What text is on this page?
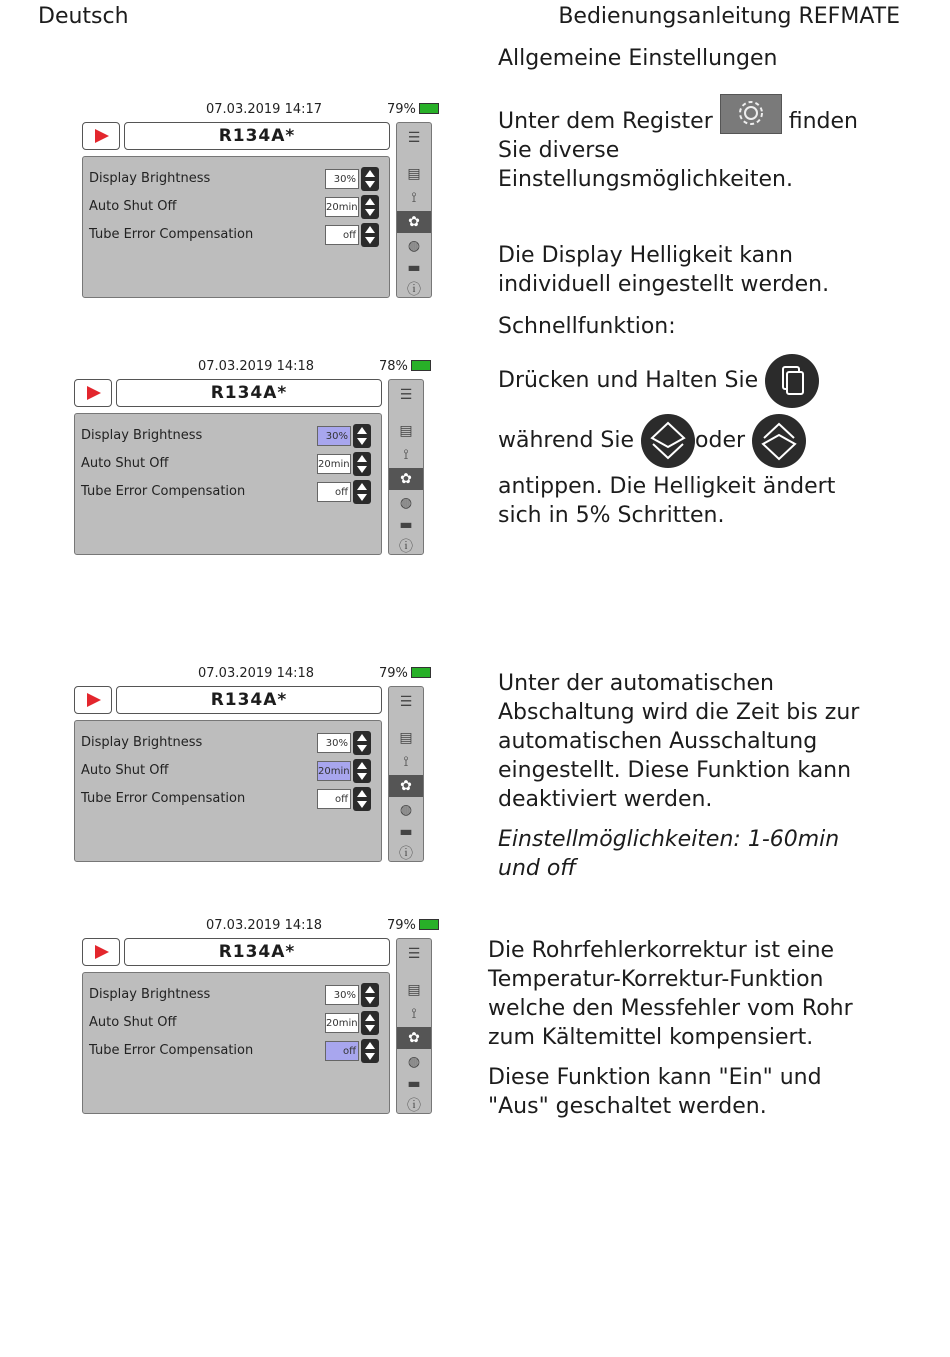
Deutsch	Bedienungsanleitung REFMATE
Allgemeine Einstellungen
Unter dem Register	finden
Sie diverse
Einstellungsmöglichkeiten.
Die Display Helligkeit kann
individuell eingestellt werden.
Schnellfunktion:
Drücken und Halten Sie
während Sie	oder
antippen. Die Helligkeit ändert
sich in 5% Schritten.
Unter der automatischen
Abschaltung wird die Zeit bis zur
automatischen Ausschaltung
eingestellt. Diese Funktion kann
deaktiviert werden.
Einstellmöglichkeiten: 1-60min
und off
Die Rohrfehlerkorrektur ist eine
Temperatur-Korrektur-Funktion
welche den Messfehler vom Rohr
zum Kältemittel kompensiert.
Diese Funktion kann "Ein" und
"Aus" geschaltet werden.
07.03.2019 14:17	79%
R134A*
Display Brightness	30%
Auto Shut Off	20min
Tube Error Compensation	off
☰
▤
⟟
✿
◍
▬
ⓘ
07.03.2019 14:18	78%
R134A*
Display Brightness	30%
Auto Shut Off	20min
Tube Error Compensation	off
☰
▤
⟟
✿
◍
▬
ⓘ
07.03.2019 14:18	79%
R134A*
Display Brightness	30%
Auto Shut Off	20min
Tube Error Compensation	off
☰
▤
⟟
✿
◍
▬
ⓘ
07.03.2019 14:18	79%
R134A*
Display Brightness	30%
Auto Shut Off	20min
Tube Error Compensation	off
☰
▤
⟟
✿
◍
▬
ⓘ
